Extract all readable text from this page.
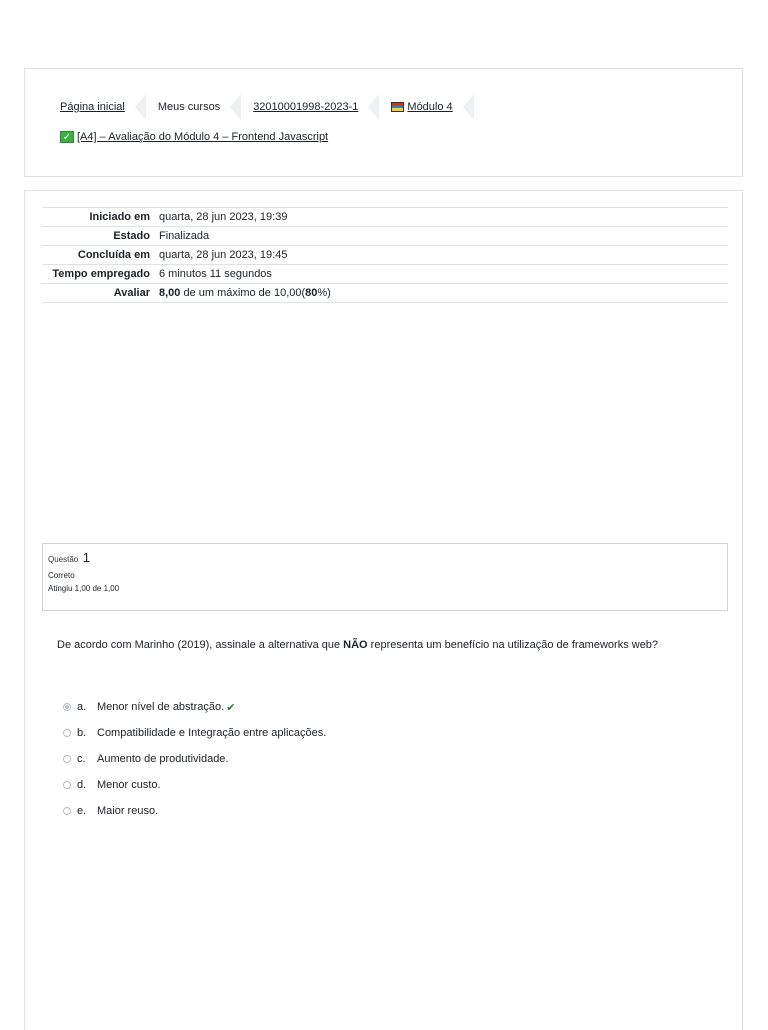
Página inicial	Meus cursos	32010001998-2023-1	Módulo 4
✓ [A4] – Avaliação do Módulo 4 – Frontend Javascript
Iniciado em	quarta, 28 jun 2023, 19:39
Estado	Finalizada
Concluída em	quarta, 28 jun 2023, 19:45
Tempo empregado	6 minutos 11 segundos
Avaliar	8,00 de um máximo de 10,00(80%)
Questão 1
Correto
Atingiu 1,00 de 1,00
De acordo com Marinho (2019), assinale a alternativa que NÃO representa um benefício na utilização de frameworks web?
a. Menor nível de abstração. ✔
b. Compatibilidade e Integração entre aplicações.
c.	Aumento de produtividade.
d. Menor custo.
e. Maior reuso.
